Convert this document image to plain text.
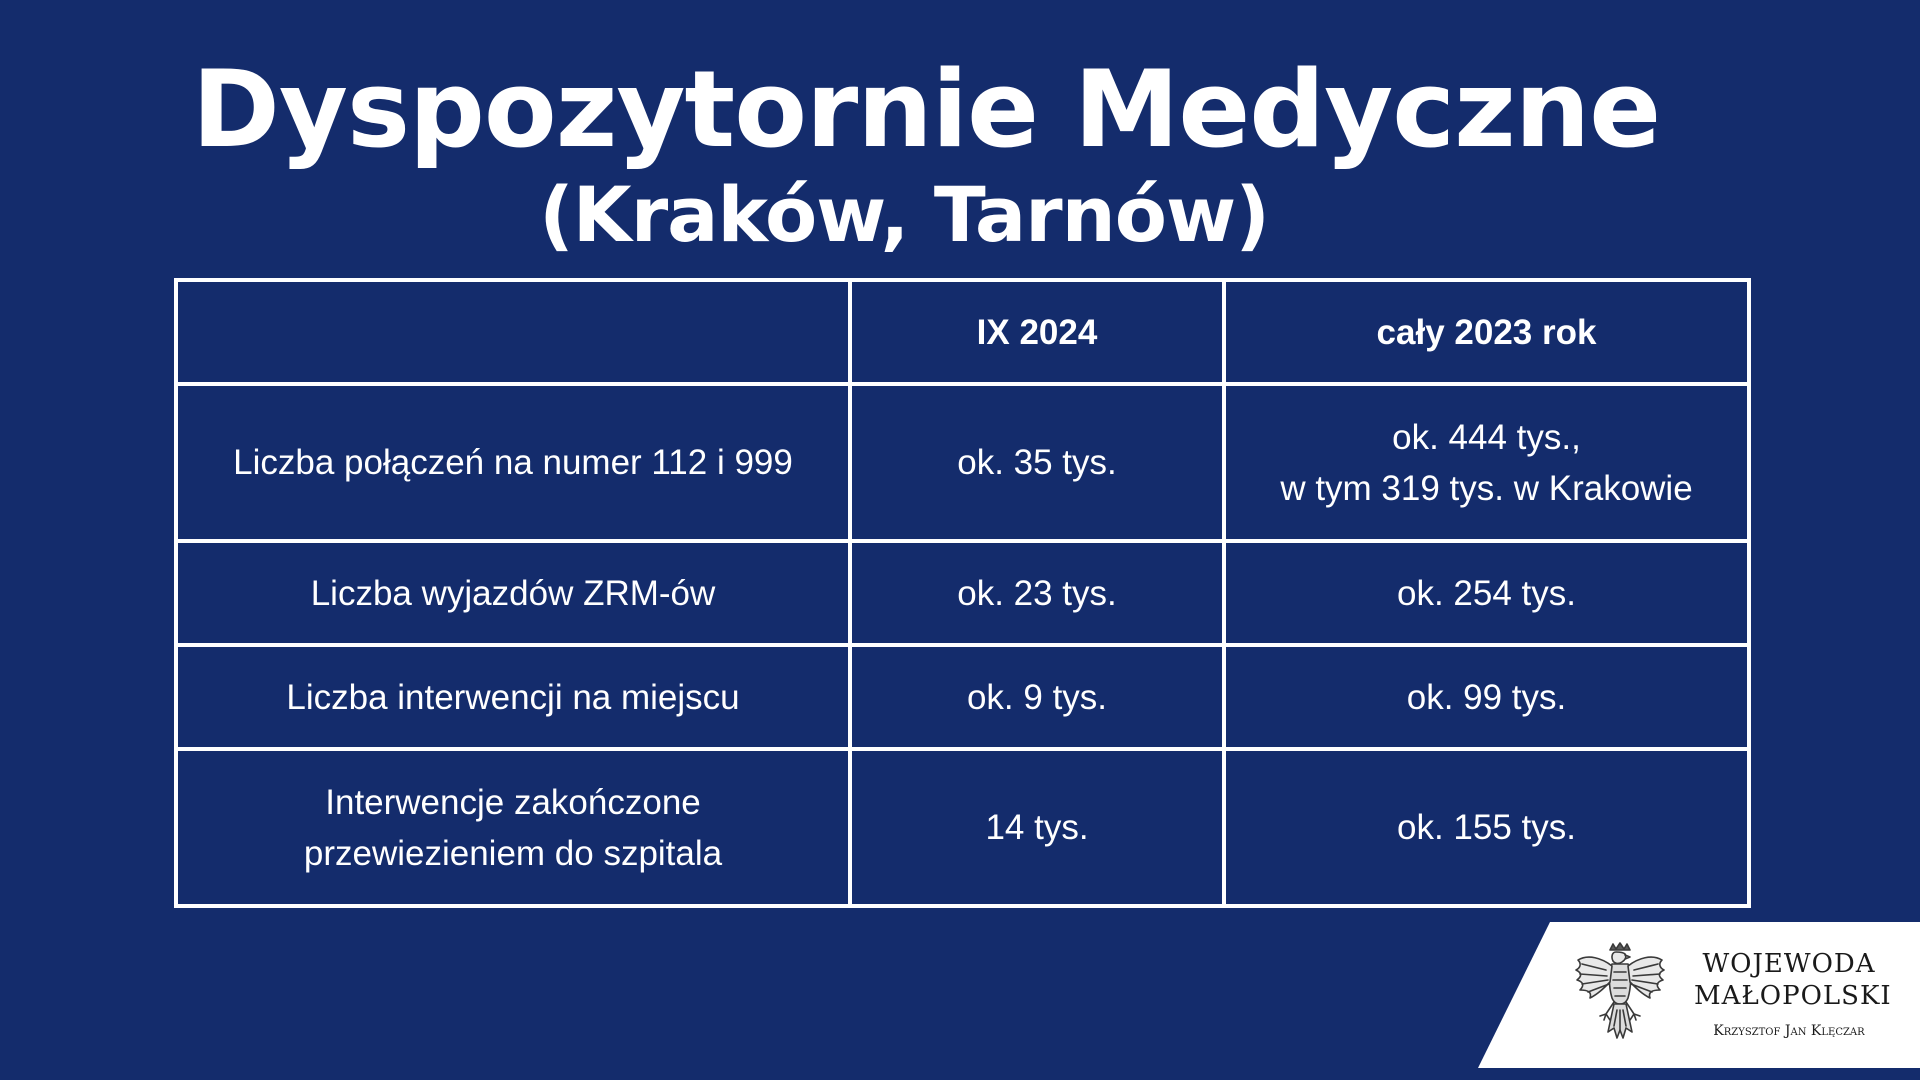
Dyspozytornie Medyczne
(Kraków, Tarnów)
	IX 2024	cały 2023 rok
Liczba połączeń na numer 112 i 999	ok. 35 tys.	ok. 444 tys.,
w tym 319 tys. w Krakowie

Liczba wyjazdów ZRM-ów	ok. 23 tys.	ok. 254 tys.
Liczba interwencji na miejscu	ok. 9 tys.	ok. 99 tys.

Interwencje zakończone
przewiezieniem do szpitala	14 tys.	ok. 155 tys.
WOJEWODA
MAŁOPOLSKI
Krzysztof Jan Klęczar
